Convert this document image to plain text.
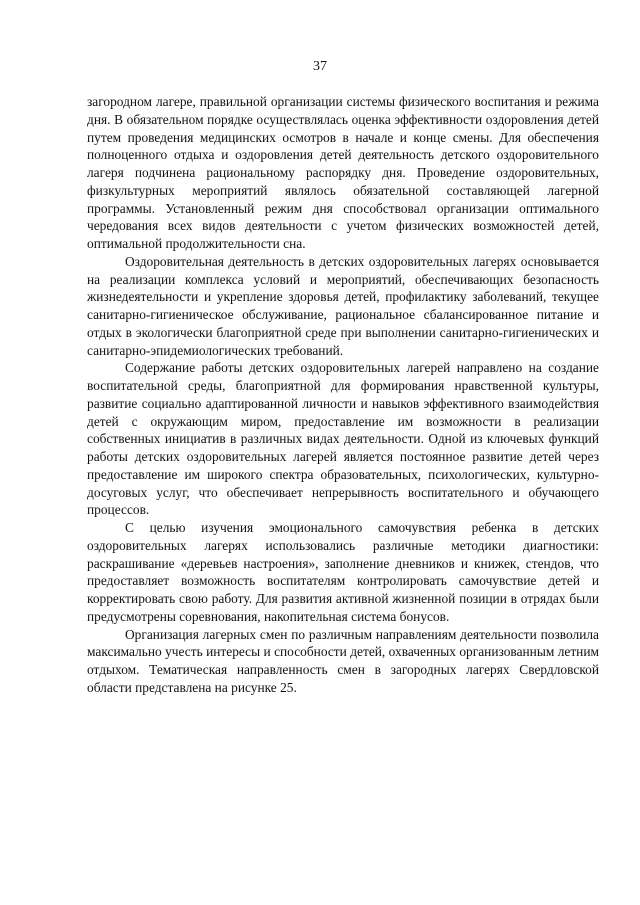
37

загородном лагере, правильной организации системы физического воспитания и режима дня. В обязательном порядке осуществлялась оценка эффективности оздоровления детей путем проведения медицинских осмотров в начале и конце смены. Для обеспечения полноценного отдыха и оздоровления детей деятельность детского оздоровительного лагеря подчинена рациональному распорядку дня. Проведение оздоровительных, физкультурных мероприятий являлось обязательной составляющей лагерной программы. Установленный режим дня способствовал организации оптимального чередования всех видов деятельности с учетом физических возможностей детей, оптимальной продолжительности сна.

Оздоровительная деятельность в детских оздоровительных лагерях основывается на реализации комплекса условий и мероприятий, обеспечивающих безопасность жизнедеятельности и укрепление здоровья детей, профилактику заболеваний, текущее санитарно-гигиеническое обслуживание, рациональное сбалансированное питание и отдых в экологически благоприятной среде при выполнении санитарно-гигиенических и санитарно-эпидемиологических требований.

Содержание работы детских оздоровительных лагерей направлено на создание воспитательной среды, благоприятной для формирования нравственной культуры, развитие социально адаптированной личности и навыков эффективного взаимодействия детей с окружающим миром, предоставление им возможности в реализации собственных инициатив в различных видах деятельности. Одной из ключевых функций работы детских оздоровительных лагерей является постоянное развитие детей через предоставление им широкого спектра образовательных, психологических, культурно-досуговых услуг, что обеспечивает непрерывность воспитательного и обучающего процессов.

С целью изучения эмоционального самочувствия ребенка в детских оздоровительных лагерях использовались различные методики диагностики: раскрашивание «деревьев настроения», заполнение дневников и книжек, стендов, что предоставляет возможность воспитателям контролировать самочувствие детей и корректировать свою работу. Для развития активной жизненной позиции в отрядах были предусмотрены соревнования, накопительная система бонусов.

Организация лагерных смен по различным направлениям деятельности позволила максимально учесть интересы и способности детей, охваченных организованным летним отдыхом. Тематическая направленность смен в загородных лагерях Свердловской области представлена на рисунке 25.
